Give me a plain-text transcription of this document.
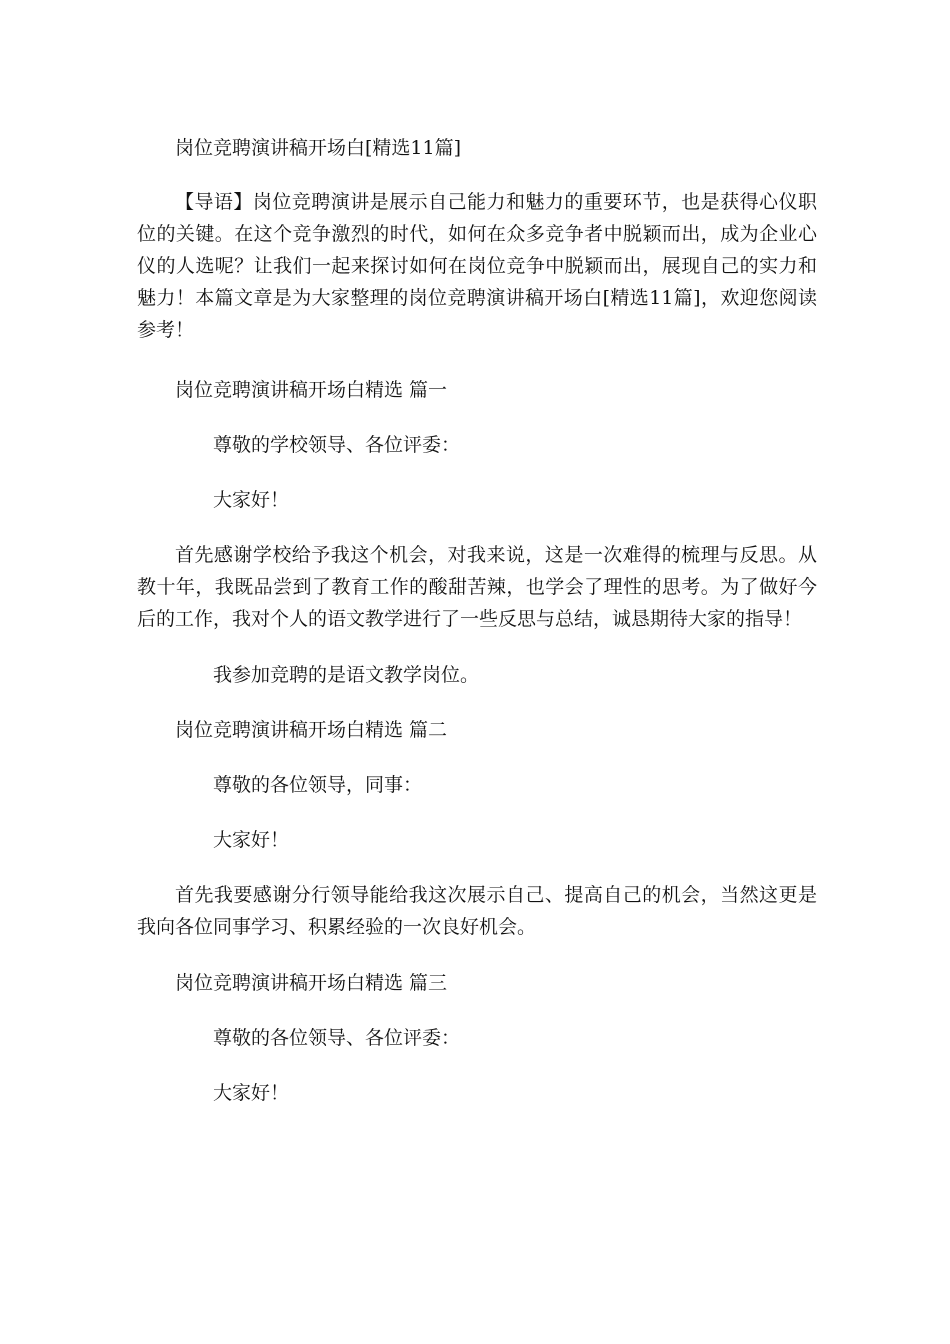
岗位竞聘演讲稿开场白[精选11篇]

【导语】岗位竞聘演讲是展示自己能力和魅力的重要环节，也是获得心仪职位的关键。在这个竞争激烈的时代，如何在众多竞争者中脱颖而出，成为企业心仪的人选呢？让我们一起来探讨如何在岗位竞争中脱颖而出，展现自己的实力和魅力！本篇文章是为大家整理的岗位竞聘演讲稿开场白[精选11篇]，欢迎您阅读参考！

岗位竞聘演讲稿开场白精选 篇一

尊敬的学校领导、各位评委：

大家好！

首先感谢学校给予我这个机会，对我来说，这是一次难得的梳理与反思。从教十年，我既品尝到了教育工作的酸甜苦辣，也学会了理性的思考。为了做好今后的工作，我对个人的语文教学进行了一些反思与总结，诚恳期待大家的指导！

我参加竞聘的是语文教学岗位。

岗位竞聘演讲稿开场白精选 篇二

尊敬的各位领导，同事：

大家好！

首先我要感谢分行领导能给我这次展示自己、提高自己的机会，当然这更是我向各位同事学习、积累经验的一次良好机会。

岗位竞聘演讲稿开场白精选 篇三

尊敬的各位领导、各位评委：

大家好！
